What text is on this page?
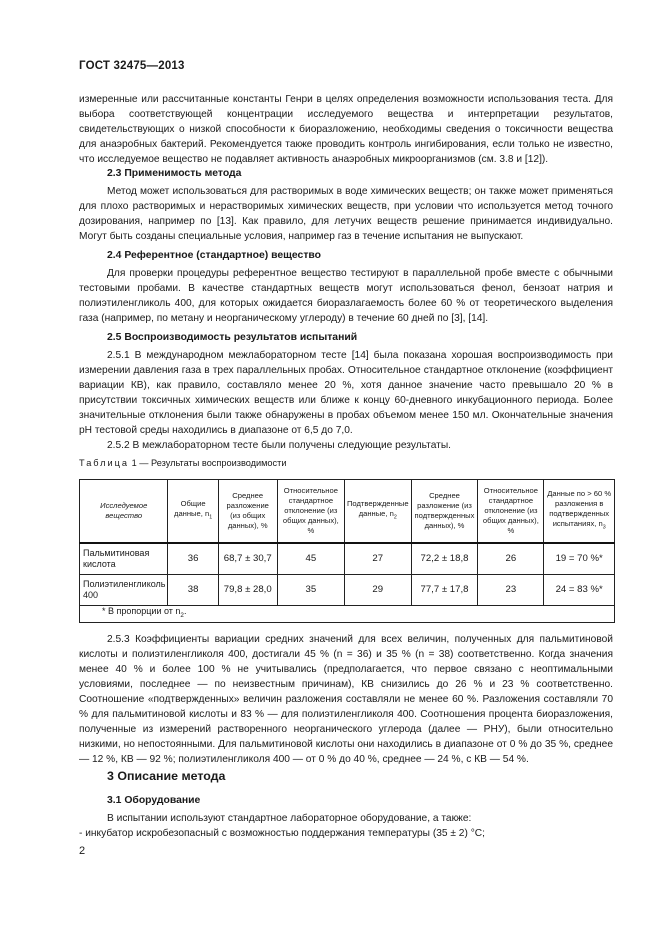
ГОСТ 32475—2013

измеренные или рассчитанные константы Генри в целях определения возможности использования теста. Для выбора соответствующей концентрации исследуемого вещества и интерпретации результатов, свидетельствующих о низкой способности к биоразложению, необходимы сведения о токсичности вещества для анаэробных бактерий. Рекомендуется также проводить контроль ингибирования, если только не известно, что исследуемое вещество не подавляет активность анаэробных микроорганизмов (см. 3.8 и [12]).

2.3 Применимость метода

Метод может использоваться для растворимых в воде химических веществ; он также может применяться для плохо растворимых и нерастворимых химических веществ, при условии что используется метод точного дозирования, например по [13]. Как правило, для летучих веществ решение принимается индивидуально. Могут быть созданы специальные условия, например газ в течение испытания не выпускают.

2.4 Референтное (стандартное) вещество

Для проверки процедуры референтное вещество тестируют в параллельной пробе вместе с обычными тестовыми пробами. В качестве стандартных веществ могут использоваться фенол, бензоат натрия и полиэтиленгликоль 400, для которых ожидается биоразлагаемость более 60 % от теоретического выделения газа (например, по метану и неорганическому углероду) в течение 60 дней по [3], [14].

2.5 Воспроизводимость результатов испытаний

2.5.1 В международном межлабораторном тесте [14] была показана хорошая воспроизводимость при измерении давления газа в трех параллельных пробах. Относительное стандартное отклонение (коэффициент вариации КВ), как правило, составляло менее 20 %, хотя данное значение часто превышало 20 % в присутствии токсичных химических веществ или ближе к концу 60-дневного инкубационного периода. Более значительные отклонения были также обнаружены в пробах объемом менее 150 мл. Окончательные значения pH тестовой среды находились в диапазоне от 6,5 до 7,0.

2.5.2 В межлабораторном тесте были получены следующие результаты.

Таблица 1 — Результаты воспроизводимости
Исследуемое вещество	Общие данные, $n_1$	Среднее разложение (из общих данных), %	Относительное стандартное отклонение (из общих данных), %	Подтвержденные данные, $n_2$	Среднее разложение (из подтвержденных данных), %	Относительное стандартное отклонение (из общих данных), %	Данные по > 60 % разложения в подтвержденных испытаниях, $n_3$
Пальмитиновая кислота	36	68,7 ± 30,7	45	27	72,2 ± 18,8	26	19 = 70 %*
Полиэтиленгликоль 400	38	79,8 ± 28,0	35	29	77,7 ± 17,8	23	24 = 83 %*
* В пропорции от $n_2$.							

2.5.3 Коэффициенты вариации средних значений для всех величин, полученных для пальмитиновой кислоты и полиэтиленгликоля 400, достигали 45 % (n = 36) и 35 % (n = 38) соответственно. Когда значения менее 40 % и более 100 % не учитывались (предполагается, что первое связано с неоптимальными условиями, последнее — по неизвестным причинам), КВ снизились до 26 % и 23 % соответственно. Соотношение «подтвержденных» величин разложения составляли не менее 60 %. Разложения составляли 70 % для пальмитиновой кислоты и 83 % — для полиэтиленгликоля 400. Соотношения процента биоразложения, полученные из измерений растворенного неорганического углерода (далее — РНУ), были относительно низкими, но непостоянными. Для пальмитиновой кислоты они находились в диапазоне от 0 % до 35 %, среднее — 12 %, КВ — 92 %; полиэтиленгликоля 400 — от 0 % до 40 %, среднее — 24 %, с КВ — 54 %.

3 Описание метода
3.1 Оборудование

В испытании используют стандартное лабораторное оборудование, а также:

- инкубатор искробезопасный с возможностью поддержания температуры (35 ± 2) °С;

2
